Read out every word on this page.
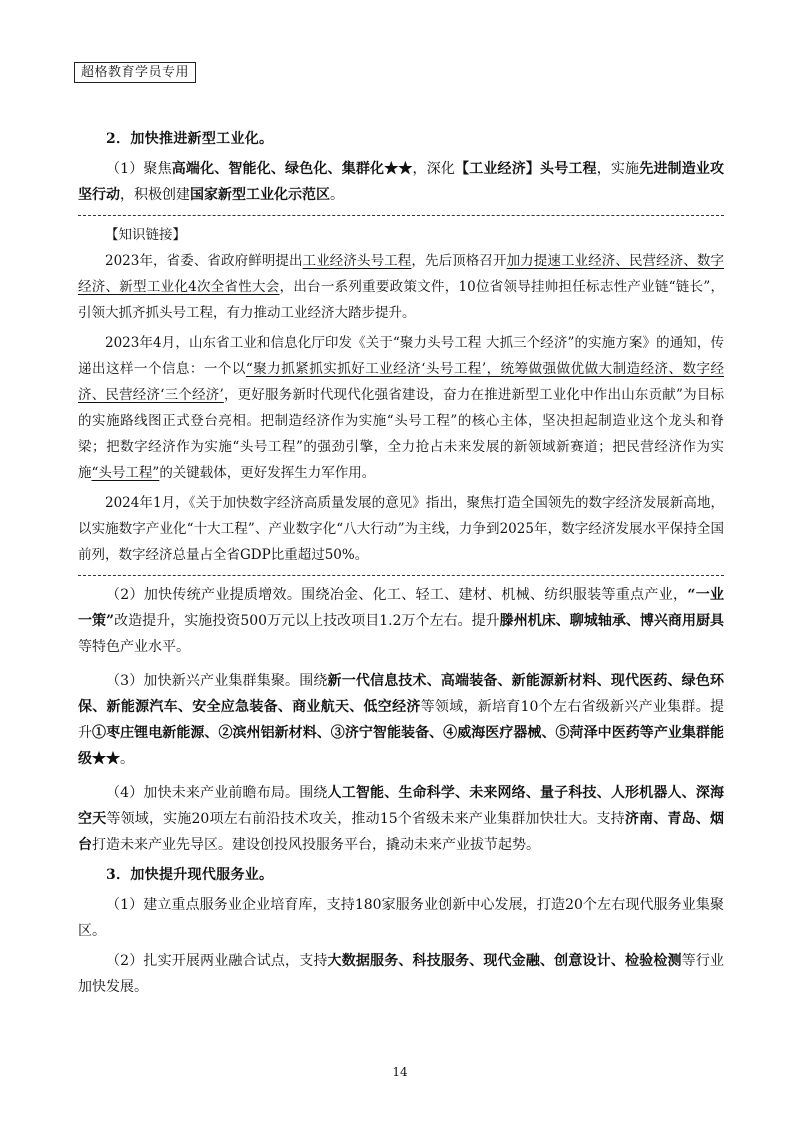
超格教育学员专用

2．加快推进新型工业化。

（1）聚焦高端化、智能化、绿色化、集群化★★，深化【工业经济】头号工程，实施先进制造业攻坚行动，积极创建国家新型工业化示范区。

【知识链接】

2023年，省委、省政府鲜明提出工业经济头号工程，先后顶格召开加力提速工业经济、民营经济、数字经济、新型工业化4次全省性大会，出台一系列重要政策文件，10位省领导挂帅担任标志性产业链“链长”，引领大抓齐抓头号工程，有力推动工业经济大踏步提升。

2023年4月，山东省工业和信息化厅印发《关于“聚力头号工程 大抓三个经济”的实施方案》的通知，传递出这样一个信息：一个以“聚力抓紧抓实抓好工业经济‘头号工程’，统筹做强做优做大制造经济、数字经济、民营经济‘三个经济’，更好服务新时代现代化强省建设，奋力在推进新型工业化中作出山东贡献”为目标的实施路线图正式登台亮相。把制造经济作为实施“头号工程”的核心主体，坚决担起制造业这个龙头和脊梁；把数字经济作为实施“头号工程”的强劲引擎，全力抢占未来发展的新领域新赛道；把民营经济作为实施“头号工程”的关键载体，更好发挥生力军作用。

2024年1月，《关于加快数字经济高质量发展的意见》指出，聚焦打造全国领先的数字经济发展新高地，以实施数字产业化“十大工程”、产业数字化“八大行动”为主线，力争到2025年，数字经济发展水平保持全国前列，数字经济总量占全省GDP比重超过50%。

（2）加快传统产业提质增效。围绕冶金、化工、轻工、建材、机械、纺织服装等重点产业，“一业一策”改造提升，实施投资500万元以上技改项目1.2万个左右。提升滕州机床、聊城轴承、博兴商用厨具等特色产业水平。

（3）加快新兴产业集群集聚。围绕新一代信息技术、高端装备、新能源新材料、现代医药、绿色环保、新能源汽车、安全应急装备、商业航天、低空经济等领域，新培育10个左右省级新兴产业集群。提升①枣庄锂电新能源、②滨州铝新材料、③济宁智能装备、④威海医疗器械、⑤菏泽中医药等产业集群能级★★。

（4）加快未来产业前瞻布局。围绕人工智能、生命科学、未来网络、量子科技、人形机器人、深海空天等领域，实施20项左右前沿技术攻关，推动15个省级未来产业集群加快壮大。支持济南、青岛、烟台打造未来产业先导区。建设创投风投服务平台，撬动未来产业拔节起势。

3．加快提升现代服务业。

（1）建立重点服务业企业培育库，支持180家服务业创新中心发展，打造20个左右现代服务业集聚区。

（2）扎实开展两业融合试点，支持大数据服务、科技服务、现代金融、创意设计、检验检测等行业加快发展。

14
